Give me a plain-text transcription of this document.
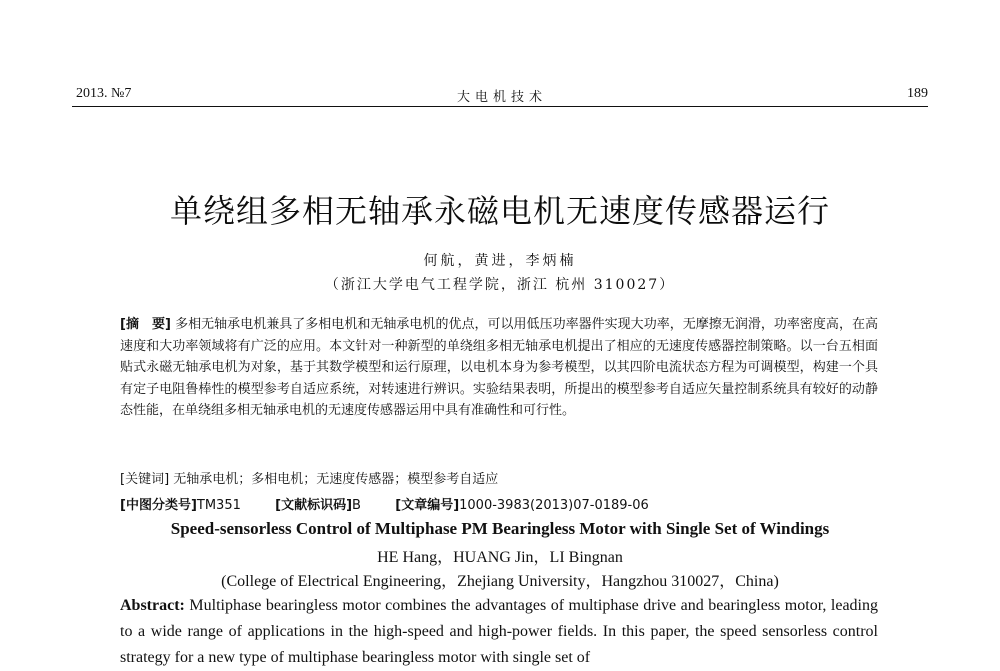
2013. №7	大电机技术	189
单绕组多相无轴承永磁电机无速度传感器运行
何航，黄进，李炳楠
（浙江大学电气工程学院，浙江 杭州 310027）
[摘　要] 多相无轴承电机兼具了多相电机和无轴承电机的优点，可以用低压功率器件实现大功率，无摩擦无润滑，功率密度高，在高速度和大功率领域将有广泛的应用。本文针对一种新型的单绕组多相无轴承电机提出了相应的无速度传感器控制策略。以一台五相面贴式永磁无轴承电机为对象，基于其数学模型和运行原理，以电机本身为参考模型，以其四阶电流状态方程为可调模型，构建一个具有定子电阻鲁棒性的模型参考自适应系统，对转速进行辨识。实验结果表明，所提出的模型参考自适应矢量控制系统具有较好的动静态性能，在单绕组多相无轴承电机的无速度传感器运用中具有准确性和可行性。
[关键词] 无轴承电机；多相电机；无速度传感器；模型参考自适应
[中图分类号]TM351	[文献标识码]B	[文章编号]1000-3983(2013)07-0189-06
Speed-sensorless Control of Multiphase PM Bearingless Motor with Single Set of Windings
HE Hang，HUANG Jin，LI Bingnan
(College of Electrical Engineering，Zhejiang University，Hangzhou 310027，China)
Abstract: Multiphase bearingless motor combines the advantages of multiphase drive and bearingless motor, leading to a wide range of applications in the high-speed and high-power fields. In this paper, the speed sensorless control strategy for a new type of multiphase bearingless motor with single set of
